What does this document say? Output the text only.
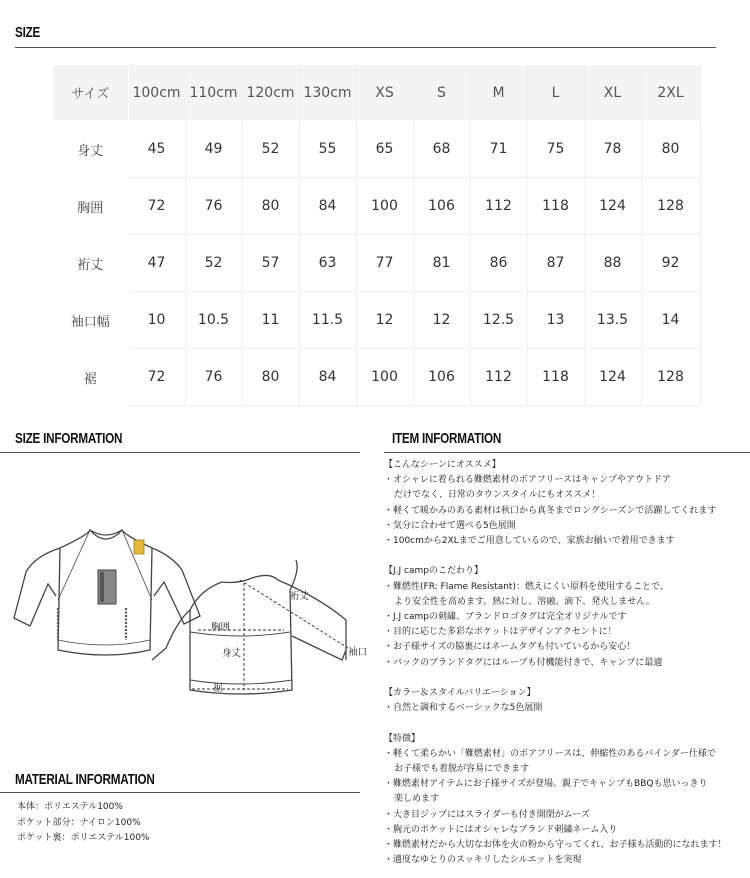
SIZE
サイズ	100cm	110cm	120cm	130cm	XS	S	M	L	XL	2XL
身丈	45	49	52	55	65	68	71	75	78	80
胸囲	72	76	80	84	100	106	112	118	124	128
裄丈	47	52	57	63	77	81	86	87	88	92
袖口幅	10	10.5	11	11.5	12	12	12.5	13	13.5	14
裾	72	76	80	84	100	106	112	118	124	128
SIZE INFORMATION
裄丈
胸囲
身丈	袖口
裾
MATERIAL INFORMATION
本体：ポリエステル100%
ポケット部分：ナイロン100%
ポケット裏：ポリエステル100%
ITEM INFORMATION
【こんなシーンにオススメ】
・オシャレに着られる難燃素材のボアフリースはキャンプやアウトドア
だけでなく、日常のタウンスタイルにもオススメ！
・軽くて暖かみのある素材は秋口から真冬までロングシーズンで活躍してくれます
・気分に合わせて選べる5色展開
・100cmから2XLまでご用意しているので、家族お揃いで着用できます
【J.J campのこだわり】
・難燃性(FR: Flame Resistant)：燃えにくい原料を使用することで、
より安全性を高めます。熱に対し、溶融、滴下、発火しません。
・J.J campの刺繍、ブランドロゴタグは完全オリジナルです
・目的に応じた多彩なポケットはデザインアクセントに！
・お子様サイズの脇裏にはネームタグも付いているから安心！
・バックのブランドタグにはループも付機能付きで、キャンプに最適
【カラー＆スタイルバリエーション】
・自然と調和するベーシックな5色展開
【特徴】
・軽くて柔らかい「難燃素材」のボアフリースは、伸縮性のあるバインダー仕様で
お子様でも着脱が容易にできます
・難燃素材アイテムにお子様サイズが登場。親子でキャンプもBBQも思いっきり
楽しめます
・大き目ジップにはスライダーも付き開閉がムーズ
・胸元のポケットにはオシャレなブランド刺繍ネーム入り
・難燃素材だから大切なお体を火の粉から守ってくれ、お子様も活動的になれます！
・適度なゆとりのスッキリしたシルエットを実現
